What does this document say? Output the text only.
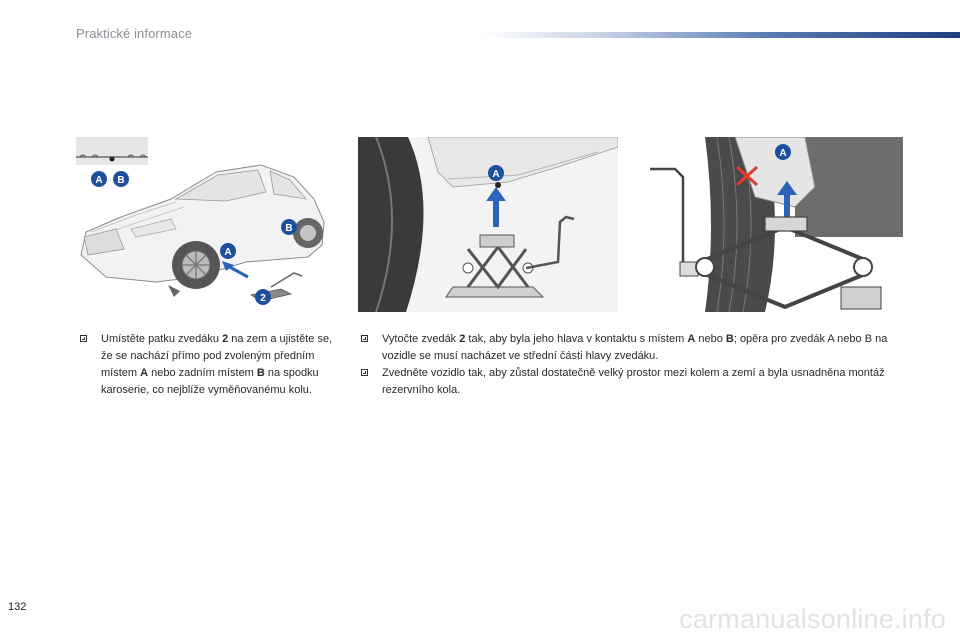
Praktické informace
A B
A
B
2
A
A
Umístěte patku zvedáku 2 na zem a ujistěte se, že se nachází přímo pod zvoleným předním místem A nebo zadním místem B na spodku karoserie, co nejblíže vyměňovanému kolu.
Vytočte zvedák 2 tak, aby byla jeho hlava v kontaktu s místem A nebo B; opěra pro zvedák A nebo B na vozidle se musí nacházet ve střední části hlavy zvedáku.
Zvedněte vozidlo tak, aby zůstal dostatečně velký prostor mezi kolem a zemí a byla usnadněna montáž rezervního kola.
132	carmanualsonline.info
